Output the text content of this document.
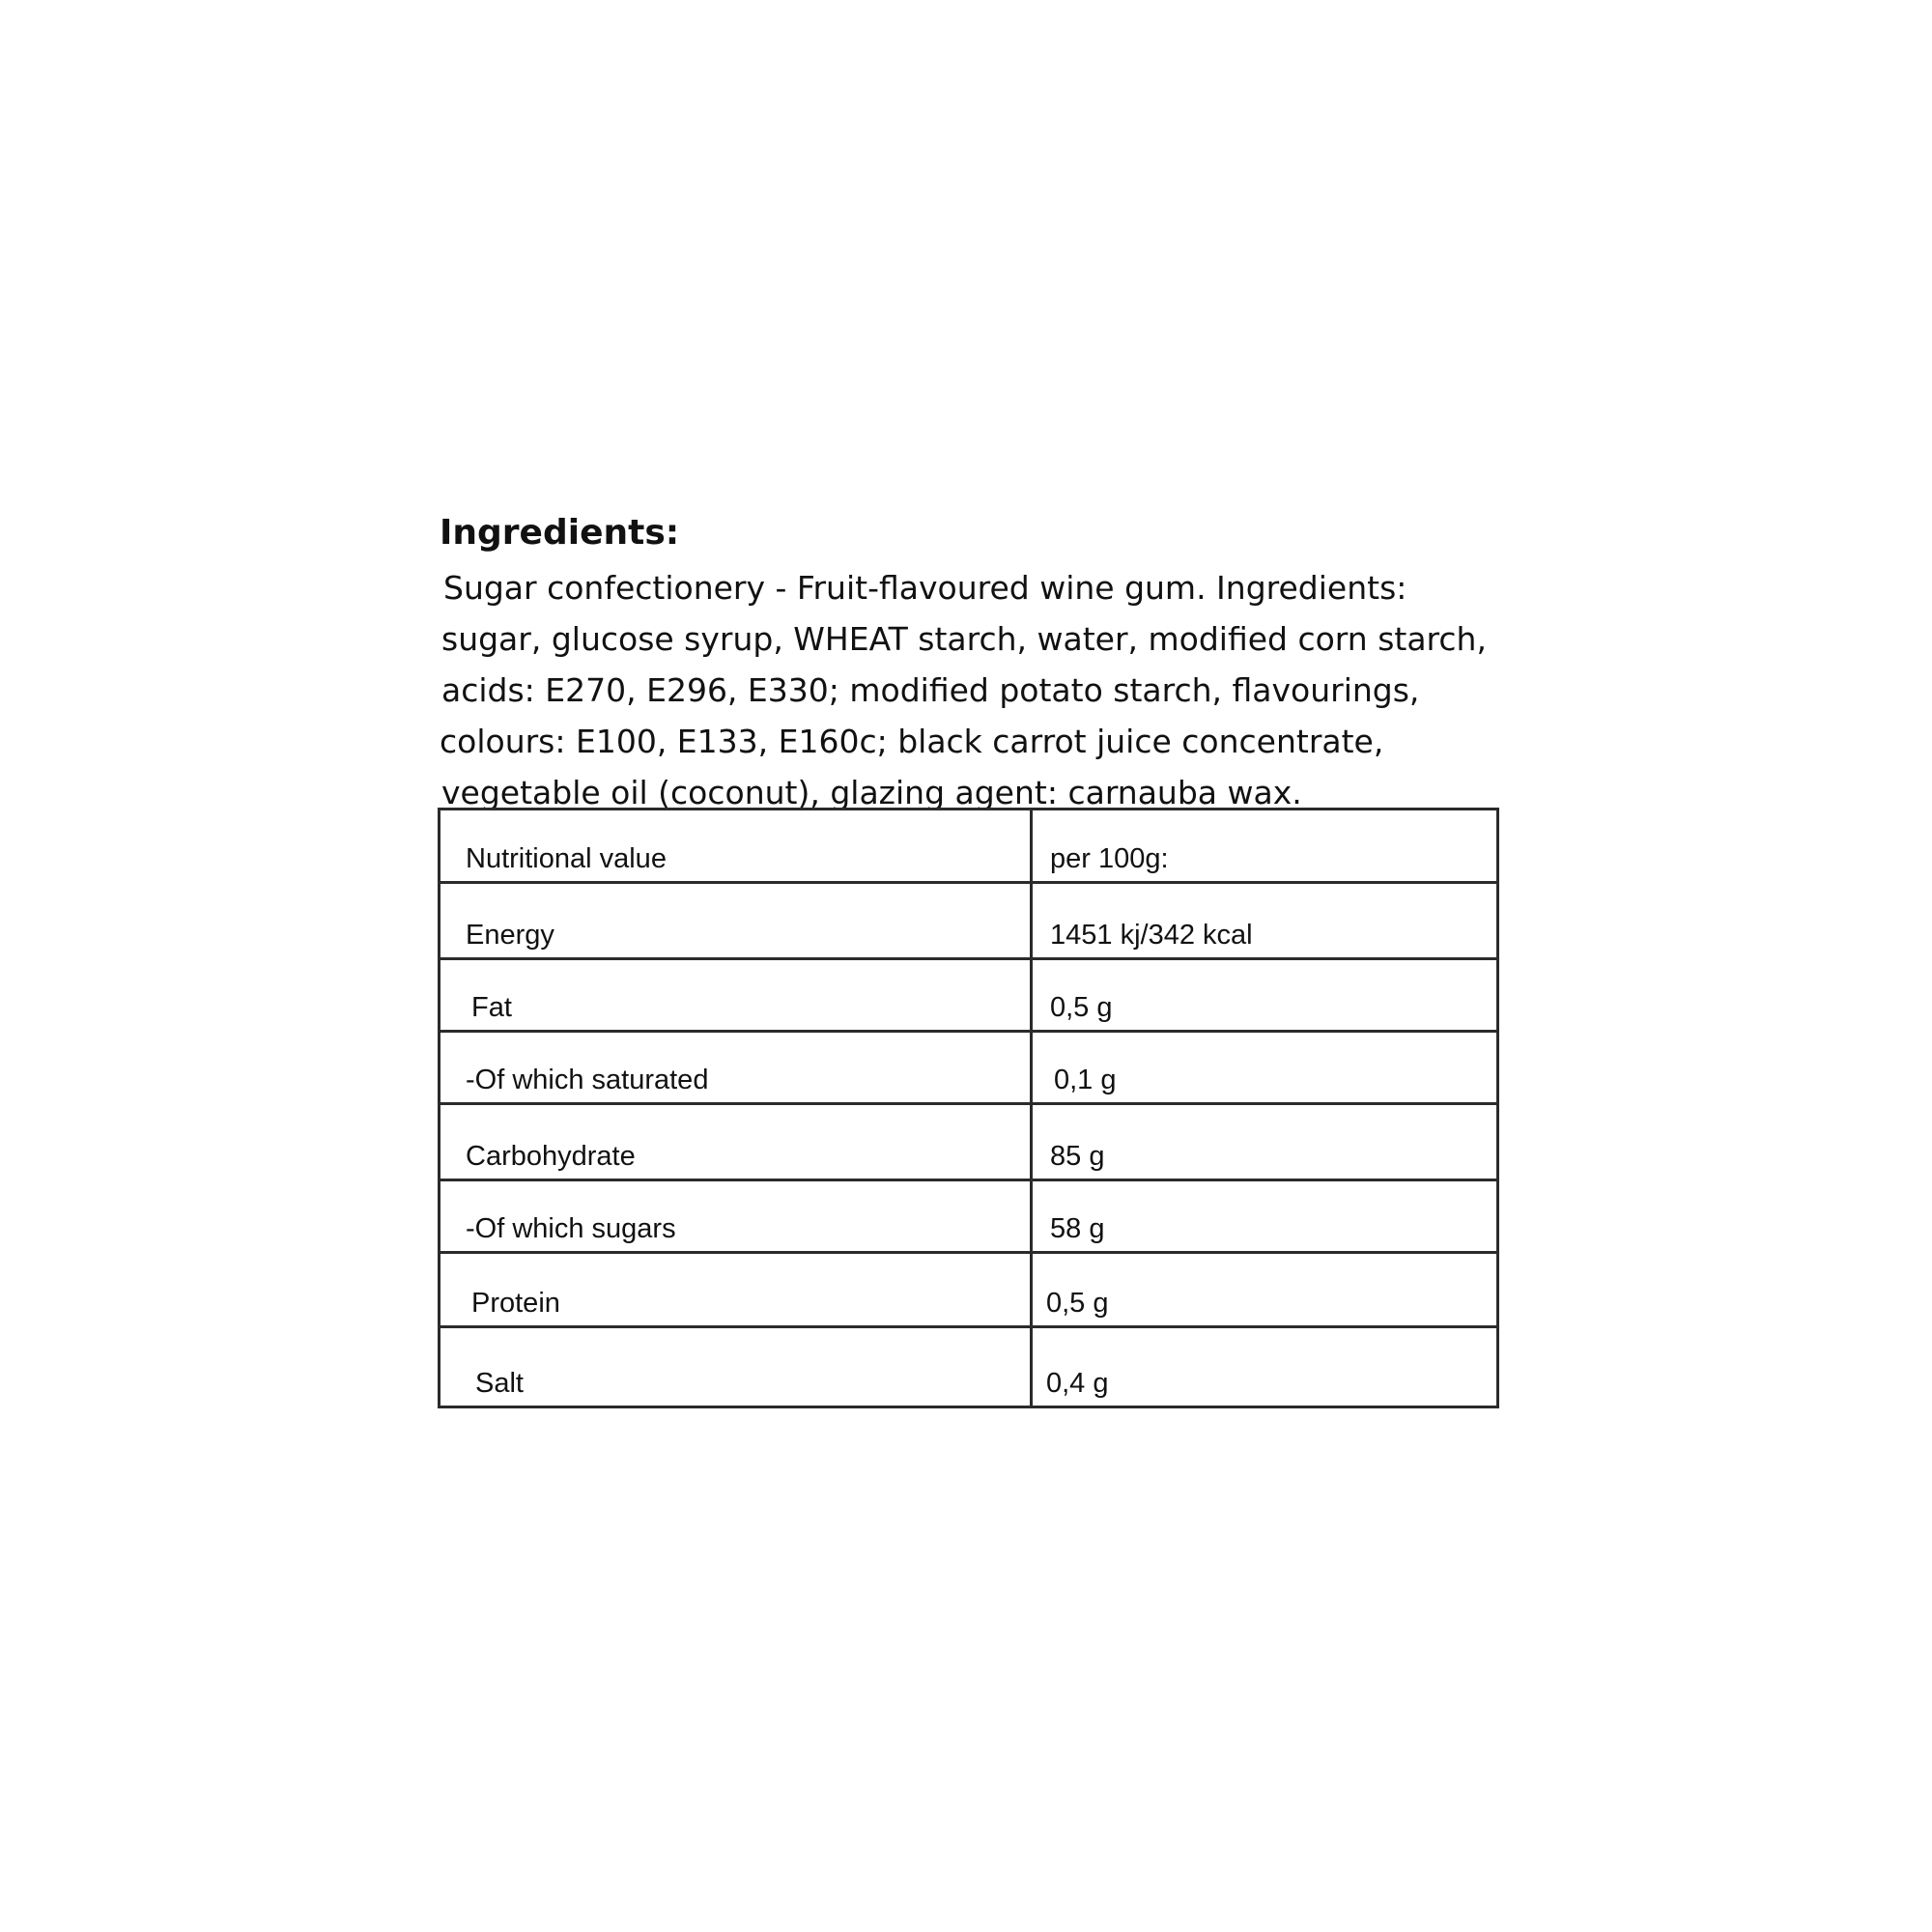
Ingredients:
Sugar confectionery - Fruit-flavoured wine gum. Ingredients:
sugar, glucose syrup, WHEAT starch, water, modified corn starch,
acids: E270, E296, E330; modified potato starch, flavourings,
colours: E100, E133, E160c; black carrot juice concentrate,
vegetable oil (coconut), glazing agent: carnauba wax.
Nutritional value	per 100g:
Energy	1451 kj/342 kcal
Fat	0,5 g
-Of which saturated	0,1 g
Carbohydrate	85 g
-Of which sugars	58 g
Protein	0,5 g
Salt	0,4 g
